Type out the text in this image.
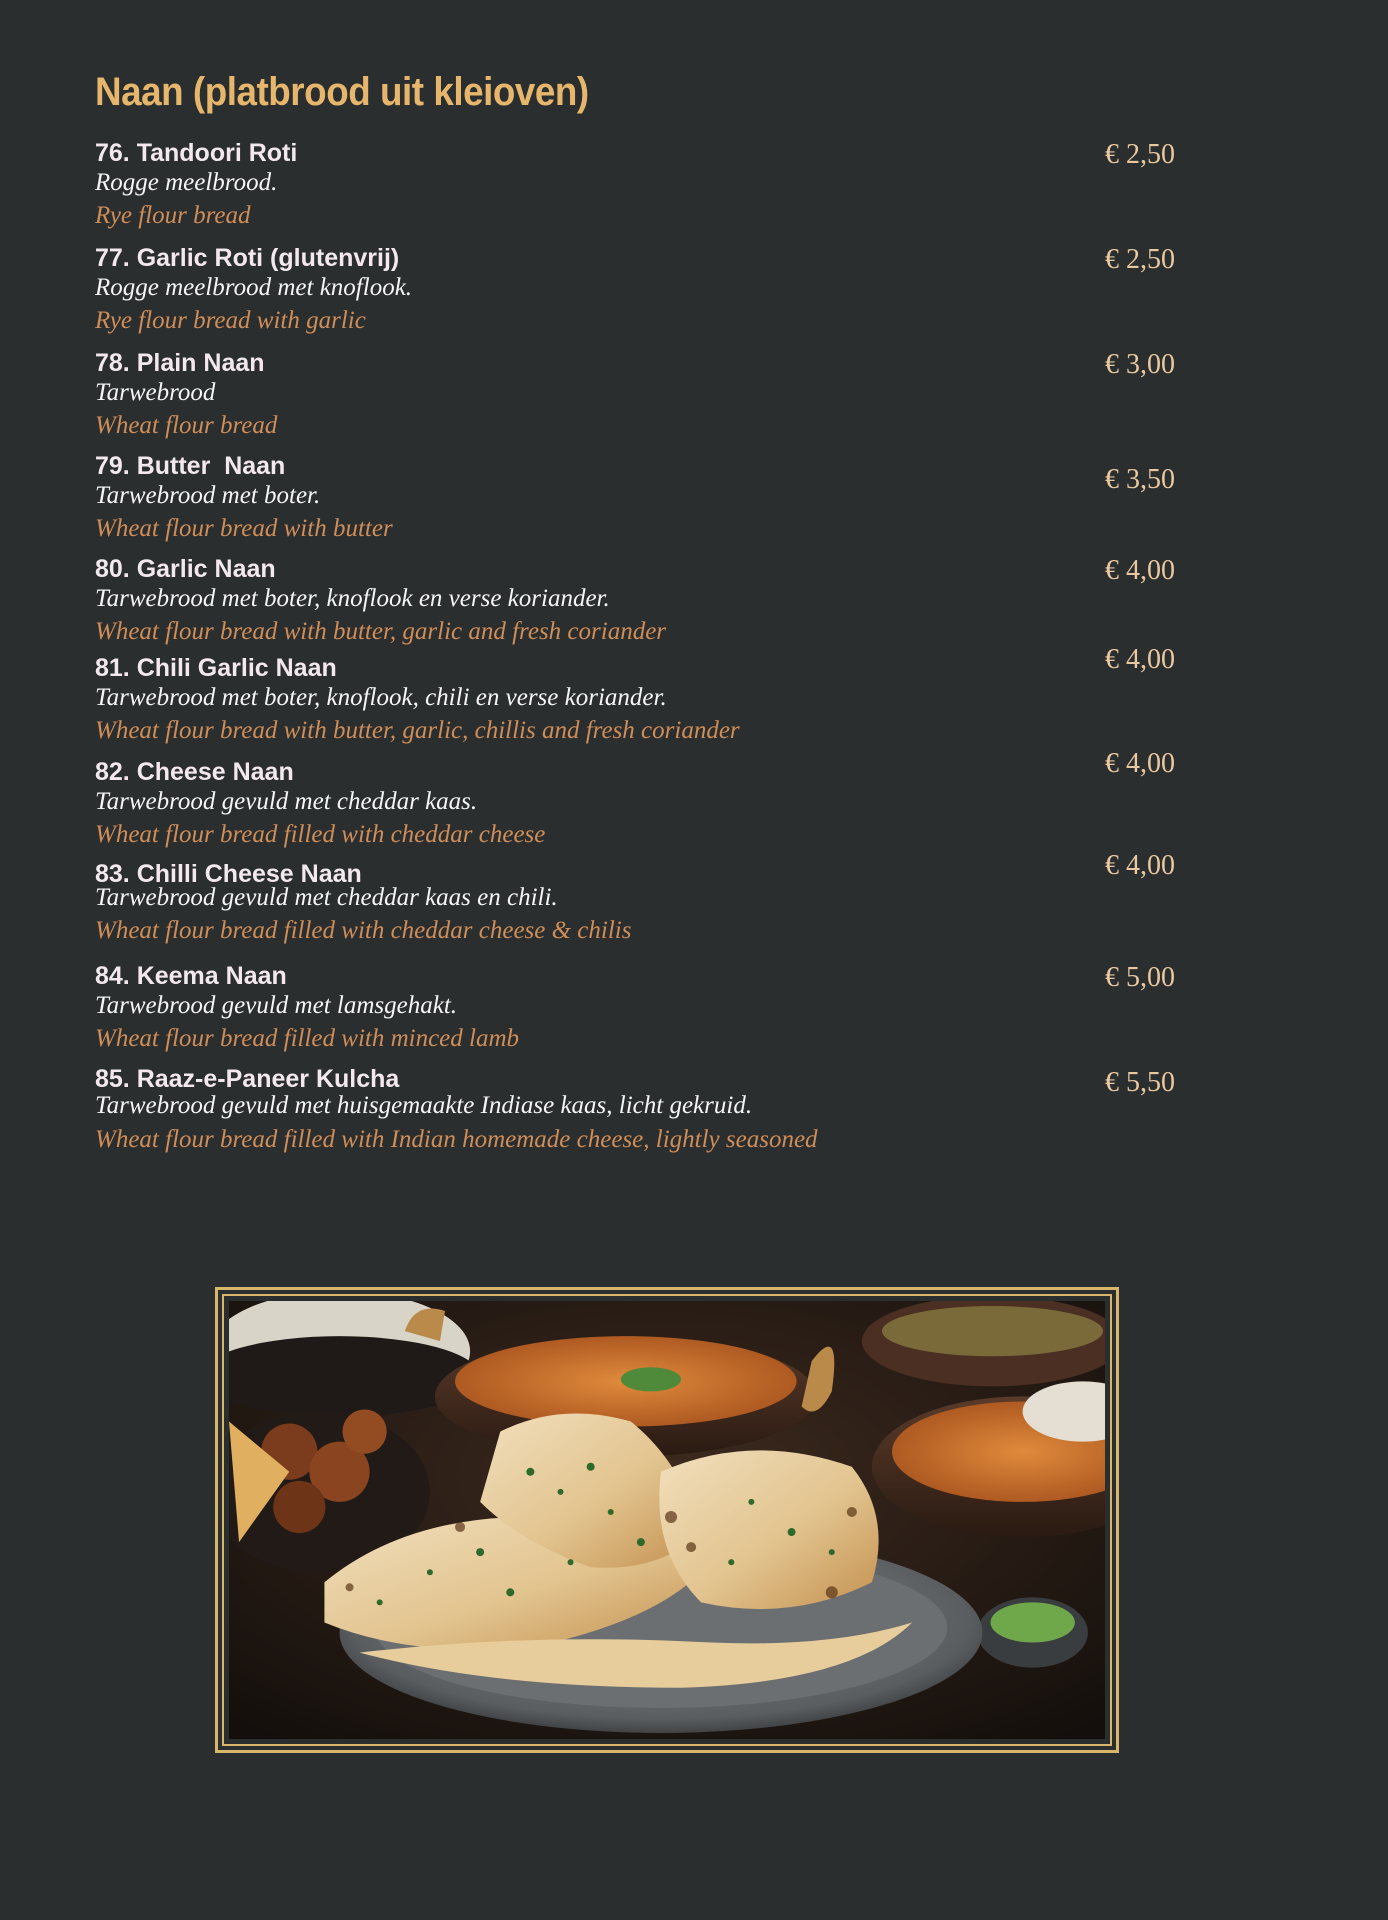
Naan (platbrood uit kleioven)
76. Tandoori Roti
Rogge meelbrood.
Rye flour bread
€ 2,50
77. Garlic Roti (glutenvrij)
Rogge meelbrood met knoflook.
Rye flour bread with garlic
€ 2,50
78. Plain Naan
Tarwebrood
Wheat flour bread
€ 3,00
79. Butter  Naan
Tarwebrood met boter.
Wheat flour bread with butter
€ 3,50
80. Garlic Naan
Tarwebrood met boter, knoflook en verse koriander.
Wheat flour bread with butter, garlic and fresh coriander
€ 4,00
81. Chili Garlic Naan
Tarwebrood met boter, knoflook, chili en verse koriander.
Wheat flour bread with butter, garlic, chillis and fresh coriander
€ 4,00
82. Cheese Naan
Tarwebrood gevuld met cheddar kaas.
Wheat flour bread filled with cheddar cheese
€ 4,00
83. Chilli Cheese Naan
Tarwebrood gevuld met cheddar kaas en chili.
Wheat flour bread filled with cheddar cheese & chilis
€ 4,00
84. Keema Naan
Tarwebrood gevuld met lamsgehakt.
Wheat flour bread filled with minced lamb
€ 5,00
85. Raaz-e-Paneer Kulcha
Tarwebrood gevuld met huisgemaakte Indiase kaas, licht gekruid.
Wheat flour bread filled with Indian homemade cheese, lightly seasoned
€ 5,50
